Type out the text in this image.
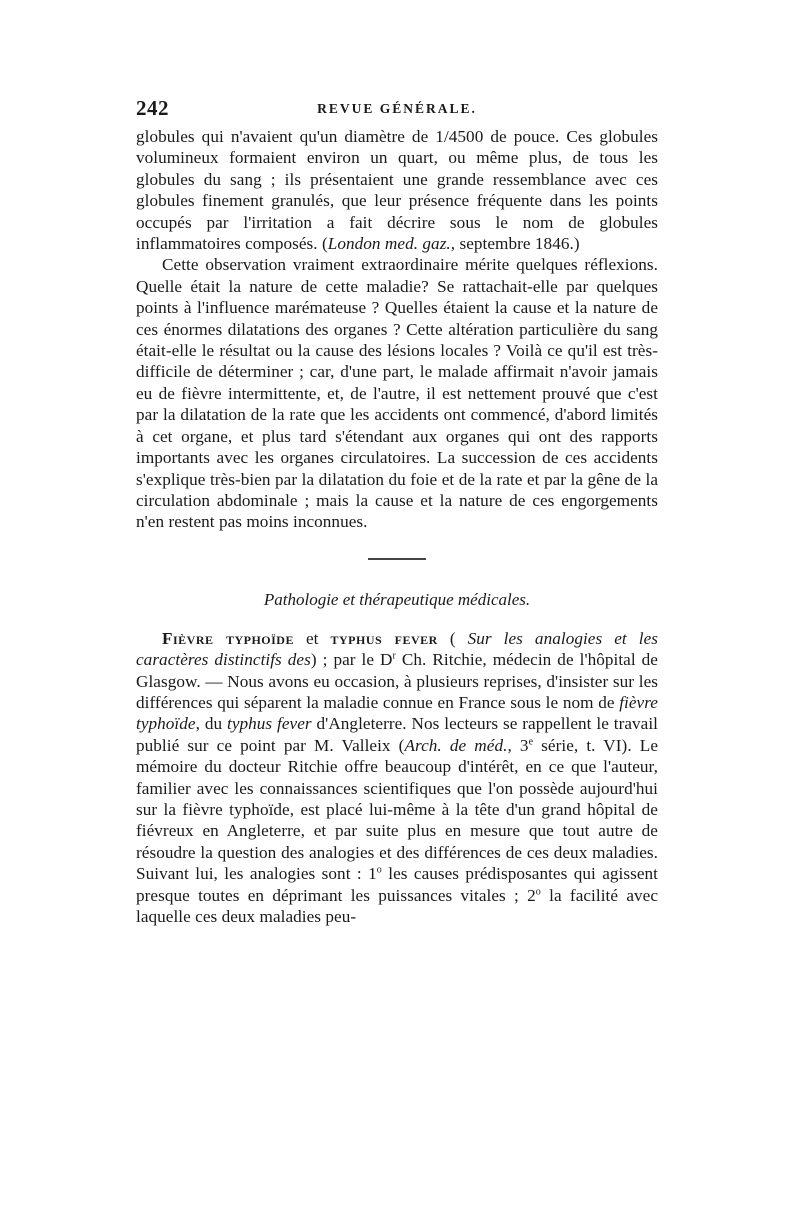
242	REVUE GÉNÉRALE.

globules qui n'avaient qu'un diamètre de 1/4500 de pouce. Ces globules volumineux formaient environ un quart, ou même plus, de tous les globules du sang ; ils présentaient une grande ressemblance avec ces globules finement granulés, que leur présence fréquente dans les points occupés par l'irritation a fait décrire sous le nom de globules inflammatoires composés. (London med. gaz., septembre 1846.)

Cette observation vraiment extraordinaire mérite quelques réflexions. Quelle était la nature de cette maladie? Se rattachait-elle par quelques points à l'influence marémateuse ? Quelles étaient la cause et la nature de ces énormes dilatations des organes ? Cette altération particulière du sang était-elle le résultat ou la cause des lésions locales ? Voilà ce qu'il est très-difficile de déterminer ; car, d'une part, le malade affirmait n'avoir jamais eu de fièvre intermittente, et, de l'autre, il est nettement prouvé que c'est par la dilatation de la rate que les accidents ont commencé, d'abord limités à cet organe, et plus tard s'étendant aux organes qui ont des rapports importants avec les organes circulatoires. La succession de ces accidents s'explique très-bien par la dilatation du foie et de la rate et par la gêne de la circulation abdominale ; mais la cause et la nature de ces engorgements n'en restent pas moins inconnues.

Pathologie et thérapeutique médicales.

Fièvre typhoïde et typhus fever ( Sur les analogies et les caractères distinctifs des) ; par le $D^r$ Ch. Ritchie, médecin de l'hôpital de Glasgow. — Nous avons eu occasion, à plusieurs reprises, d'insister sur les différences qui séparent la maladie connue en France sous le nom de fièvre typhoïde, du typhus fever d'Angleterre. Nos lecteurs se rappellent le travail publié sur ce point par M. Valleix (Arch. de méd., 3e série, t. VI). Le mémoire du docteur Ritchie offre beaucoup d'intérêt, en ce que l'auteur, familier avec les connaissances scientifiques que l'on possède aujourd'hui sur la fièvre typhoïde, est placé lui-même à la tête d'un grand hôpital de fiévreux en Angleterre, et par suite plus en mesure que tout autre de résoudre la question des analogies et des différences de ces deux maladies. Suivant lui, les analogies sont : 1$^o$ les causes prédisposantes qui agissent presque toutes en déprimant les puissances vitales ; 2$^o$ la facilité avec laquelle ces deux maladies peu-
